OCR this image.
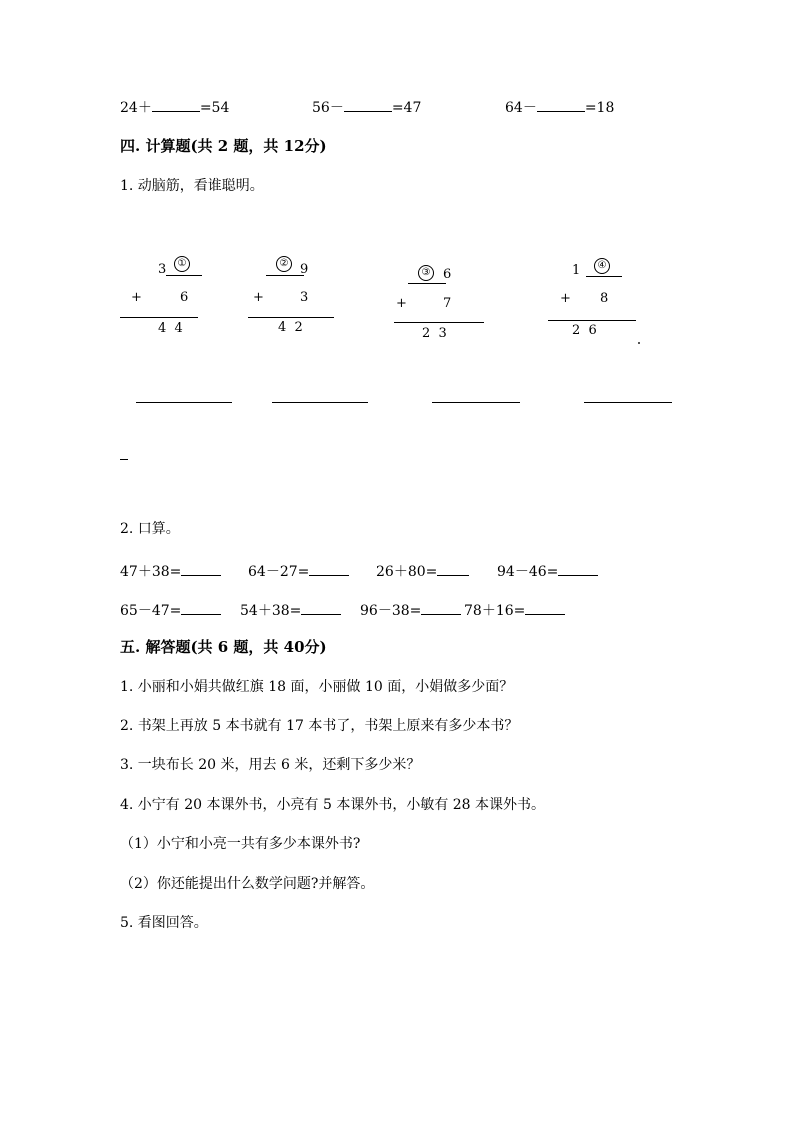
24＋	=54	56－	=47	64－	=18
四. 计算题(共 2 题，共 12分)
1. 动脑筋，看谁聪明。
3	①
+	6
4  4
② 9
+	3
4  2
③ 6
+	7
2  3
1	④
+ 8
2  6
2. 口算。
47＋38=	64－27=	26＋80=	94－46=
65－47=	54＋38=	96－38=	78＋16=
五. 解答题(共 6 题，共 40分)
1. 小丽和小娟共做红旗 18 面，小丽做 10 面，小娟做多少面？
2. 书架上再放 5 本书就有 17 本书了，书架上原来有多少本书？
3. 一块布长 20 米，用去 6 米，还剩下多少米？
4. 小宁有 20 本课外书，小亮有 5 本课外书，小敏有 28 本课外书。
（1）小宁和小亮一共有多少本课外书?
（2）你还能提出什么数学问题?并解答。
5. 看图回答。
